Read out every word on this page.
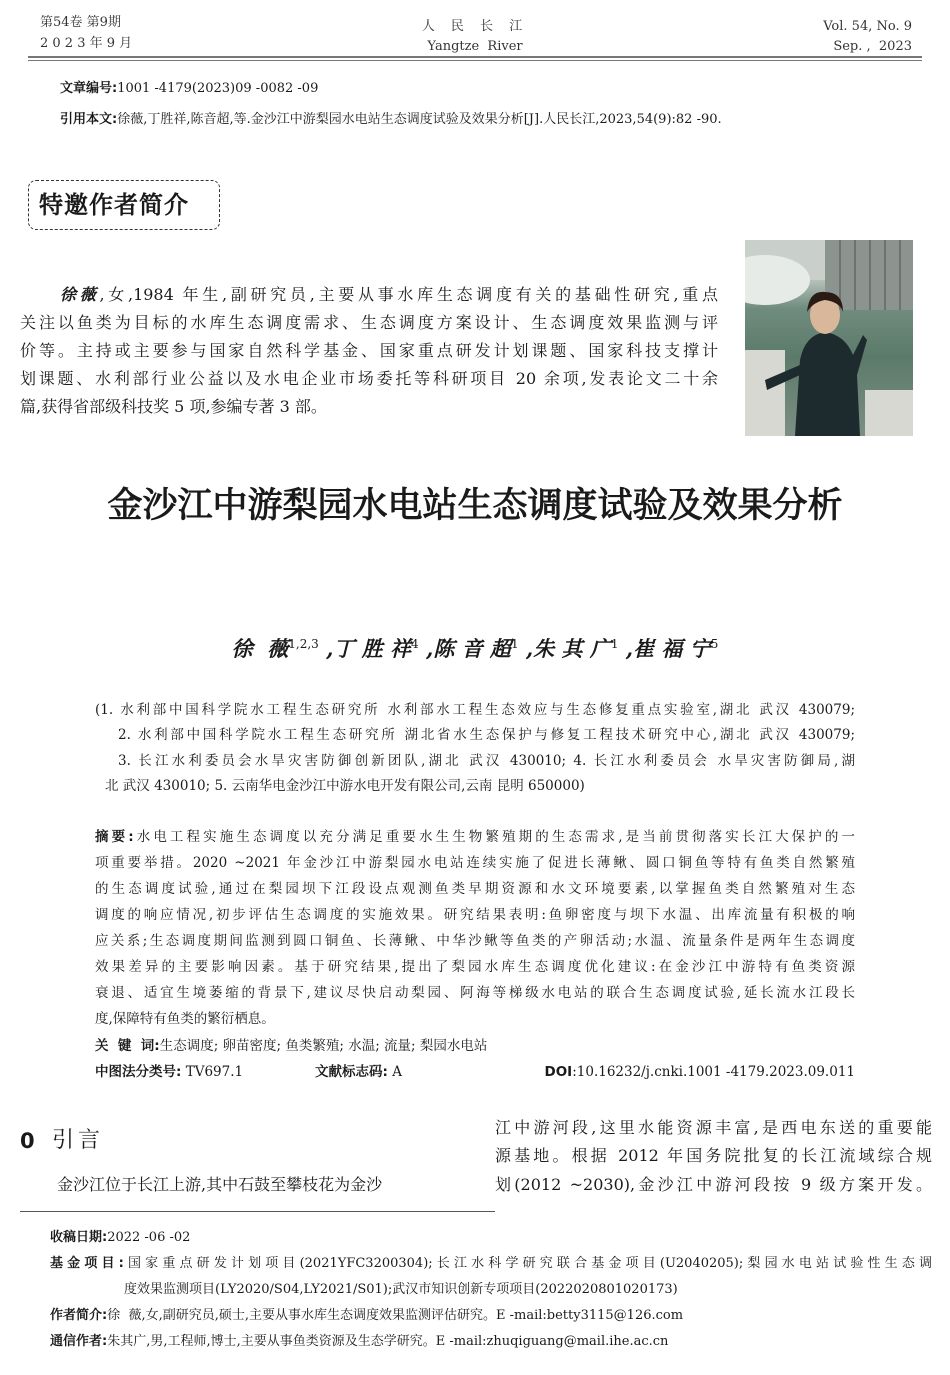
第54卷 第9期
2 0 2 3 年 9 月
人 民 长 江
Yangtze  River
Vol. 54, No. 9
Sep. ,  2023
文章编号:1001 -4179(2023)09 -0082 -09
引用本文:徐薇,丁胜祥,陈音超,等.金沙江中游梨园水电站生态调度试验及效果分析[J].人民长江,2023,54(9):82 -90.
特邀作者简介
徐薇,女,1984 年生,副研究员,主要从事水库生态调度有关的基础性研究,重点
关注以鱼类为目标的水库生态调度需求、生态调度方案设计、生态调度效果监测与评
价等。主持或主要参与国家自然科学基金、国家重点研发计划课题、国家科技支撑计
划课题、水利部行业公益以及水电企业市场委托等科研项目 20 余项,发表论文二十余
篇,获得省部级科技奖 5 项,参编专著 3 部。
金沙江中游梨园水电站生态调度试验及效果分析
徐  薇$^{1,2,3}$ ,丁 胜 祥$^4$ ,陈 音 超$^1$ ,朱 其 广$^1$ ,崔 福 宁$^5$
(1. 水利部中国科学院水工程生态研究所 水利部水工程生态效应与生态修复重点实验室,湖北 武汉 430079;
2. 水利部中国科学院水工程生态研究所 湖北省水生态保护与修复工程技术研究中心,湖北 武汉 430079;
3. 长江水利委员会水旱灾害防御创新团队,湖北 武汉 430010; 4. 长江水利委员会 水旱灾害防御局,湖
北 武汉 430010; 5. 云南华电金沙江中游水电开发有限公司,云南 昆明 650000)
摘要:水电工程实施生态调度以充分满足重要水生生物繁殖期的生态需求,是当前贯彻落实长江大保护的一
项重要举措。2020 ~2021 年金沙江中游梨园水电站连续实施了促进长薄鳅、圆口铜鱼等特有鱼类自然繁殖
的生态调度试验,通过在梨园坝下江段设点观测鱼类早期资源和水文环境要素,以掌握鱼类自然繁殖对生态
调度的响应情况,初步评估生态调度的实施效果。研究结果表明:鱼卵密度与坝下水温、出库流量有积极的响
应关系;生态调度期间监测到圆口铜鱼、长薄鳅、中华沙鳅等鱼类的产卵活动;水温、流量条件是两年生态调度
效果差异的主要影响因素。基于研究结果,提出了梨园水库生态调度优化建议:在金沙江中游特有鱼类资源
衰退、适宜生境萎缩的背景下,建议尽快启动梨园、阿海等梯级水电站的联合生态调度试验,延长流水江段长
度,保障特有鱼类的繁衍栖息。
关  键  词:生态调度; 卵苗密度; 鱼类繁殖; 水温; 流量; 梨园水电站
中图法分类号: TV697.1	文献标志码: A	DOI:10.16232/j.cnki.1001 -4179.2023.09.011
0 引言
金沙江位于长江上游,其中石鼓至攀枝花为金沙
江中游河段,这里水能资源丰富,是西电东送的重要能
源基地。根据 2012 年国务院批复的长江流域综合规
划(2012 ~2030),金沙江中游河段按 9 级方案开发。
收稿日期:2022 -06 -02
基金项目:国家重点研发计划项目(2021YFC3200304);长江水科学研究联合基金项目(U2040205);梨园水电站试验性生态调
度效果监测项目(LY2020/S04,LY2021/S01);武汉市知识创新专项项目(2022020801020173)
作者简介:徐  薇,女,副研究员,硕士,主要从事水库生态调度效果监测评估研究。E -mail:betty3115@126.com
通信作者:朱其广,男,工程师,博士,主要从事鱼类资源及生态学研究。E -mail:zhuqiguang@mail.ihe.ac.cn
